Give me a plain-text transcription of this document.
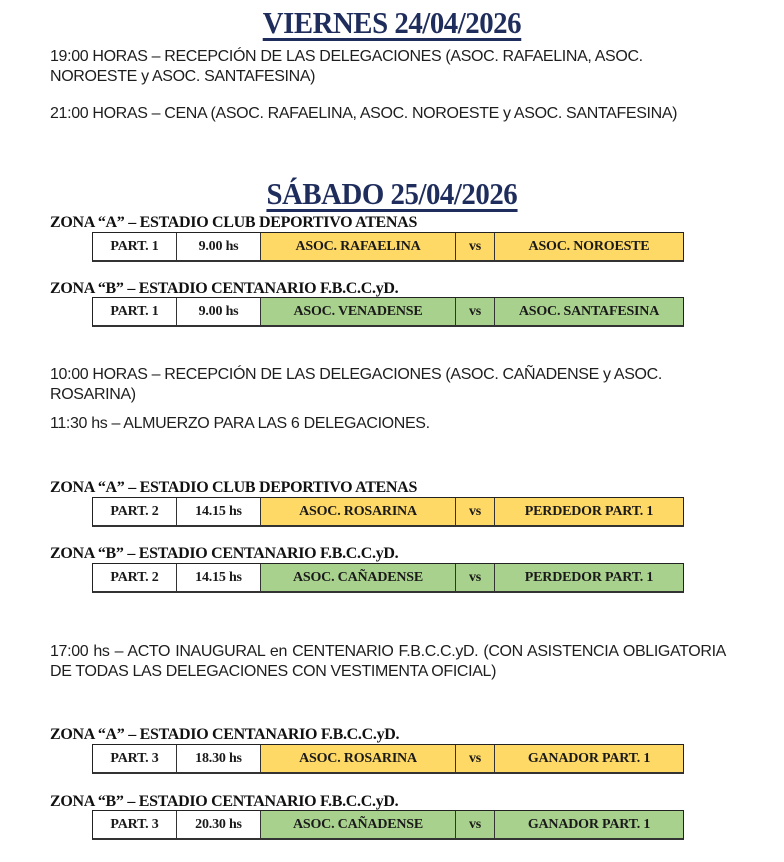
VIERNES 24/04/2026
19:00 HORAS – RECEPCIÓN DE LAS DELEGACIONES (ASOC. RAFAELINA, ASOC. NOROESTE y ASOC. SANTAFESINA)
21:00 HORAS – CENA (ASOC. RAFAELINA, ASOC. NOROESTE y ASOC. SANTAFESINA)
SÁBADO 25/04/2026
ZONA “A” – ESTADIO CLUB DEPORTIVO ATENAS
PART. 1	9.00 hs	ASOC. RAFAELINA	vs	ASOC. NOROESTE
ZONA “B” – ESTADIO CENTANARIO F.B.C.C.yD.
PART. 1	9.00 hs	ASOC. VENADENSE	vs	ASOC. SANTAFESINA
10:00 HORAS – RECEPCIÓN DE LAS DELEGACIONES (ASOC. CAÑADENSE y ASOC. ROSARINA)
11:30 hs – ALMUERZO PARA LAS 6 DELEGACIONES.
ZONA “A” – ESTADIO CLUB DEPORTIVO ATENAS
PART. 2	14.15 hs	ASOC. ROSARINA	vs	PERDEDOR PART. 1
ZONA “B” – ESTADIO CENTANARIO F.B.C.C.yD.
PART. 2	14.15 hs	ASOC. CAÑADENSE	vs	PERDEDOR PART. 1
17:00 hs – ACTO INAUGURAL en CENTENARIO F.B.C.C.yD. (CON ASISTENCIA OBLIGATORIA DE TODAS LAS DELEGACIONES CON VESTIMENTA OFICIAL)
ZONA “A” – ESTADIO CENTANARIO F.B.C.C.yD.
PART. 3	18.30 hs	ASOC. ROSARINA	vs	GANADOR PART. 1
ZONA “B” – ESTADIO CENTANARIO F.B.C.C.yD.
PART. 3	20.30 hs	ASOC. CAÑADENSE	vs	GANADOR PART. 1
